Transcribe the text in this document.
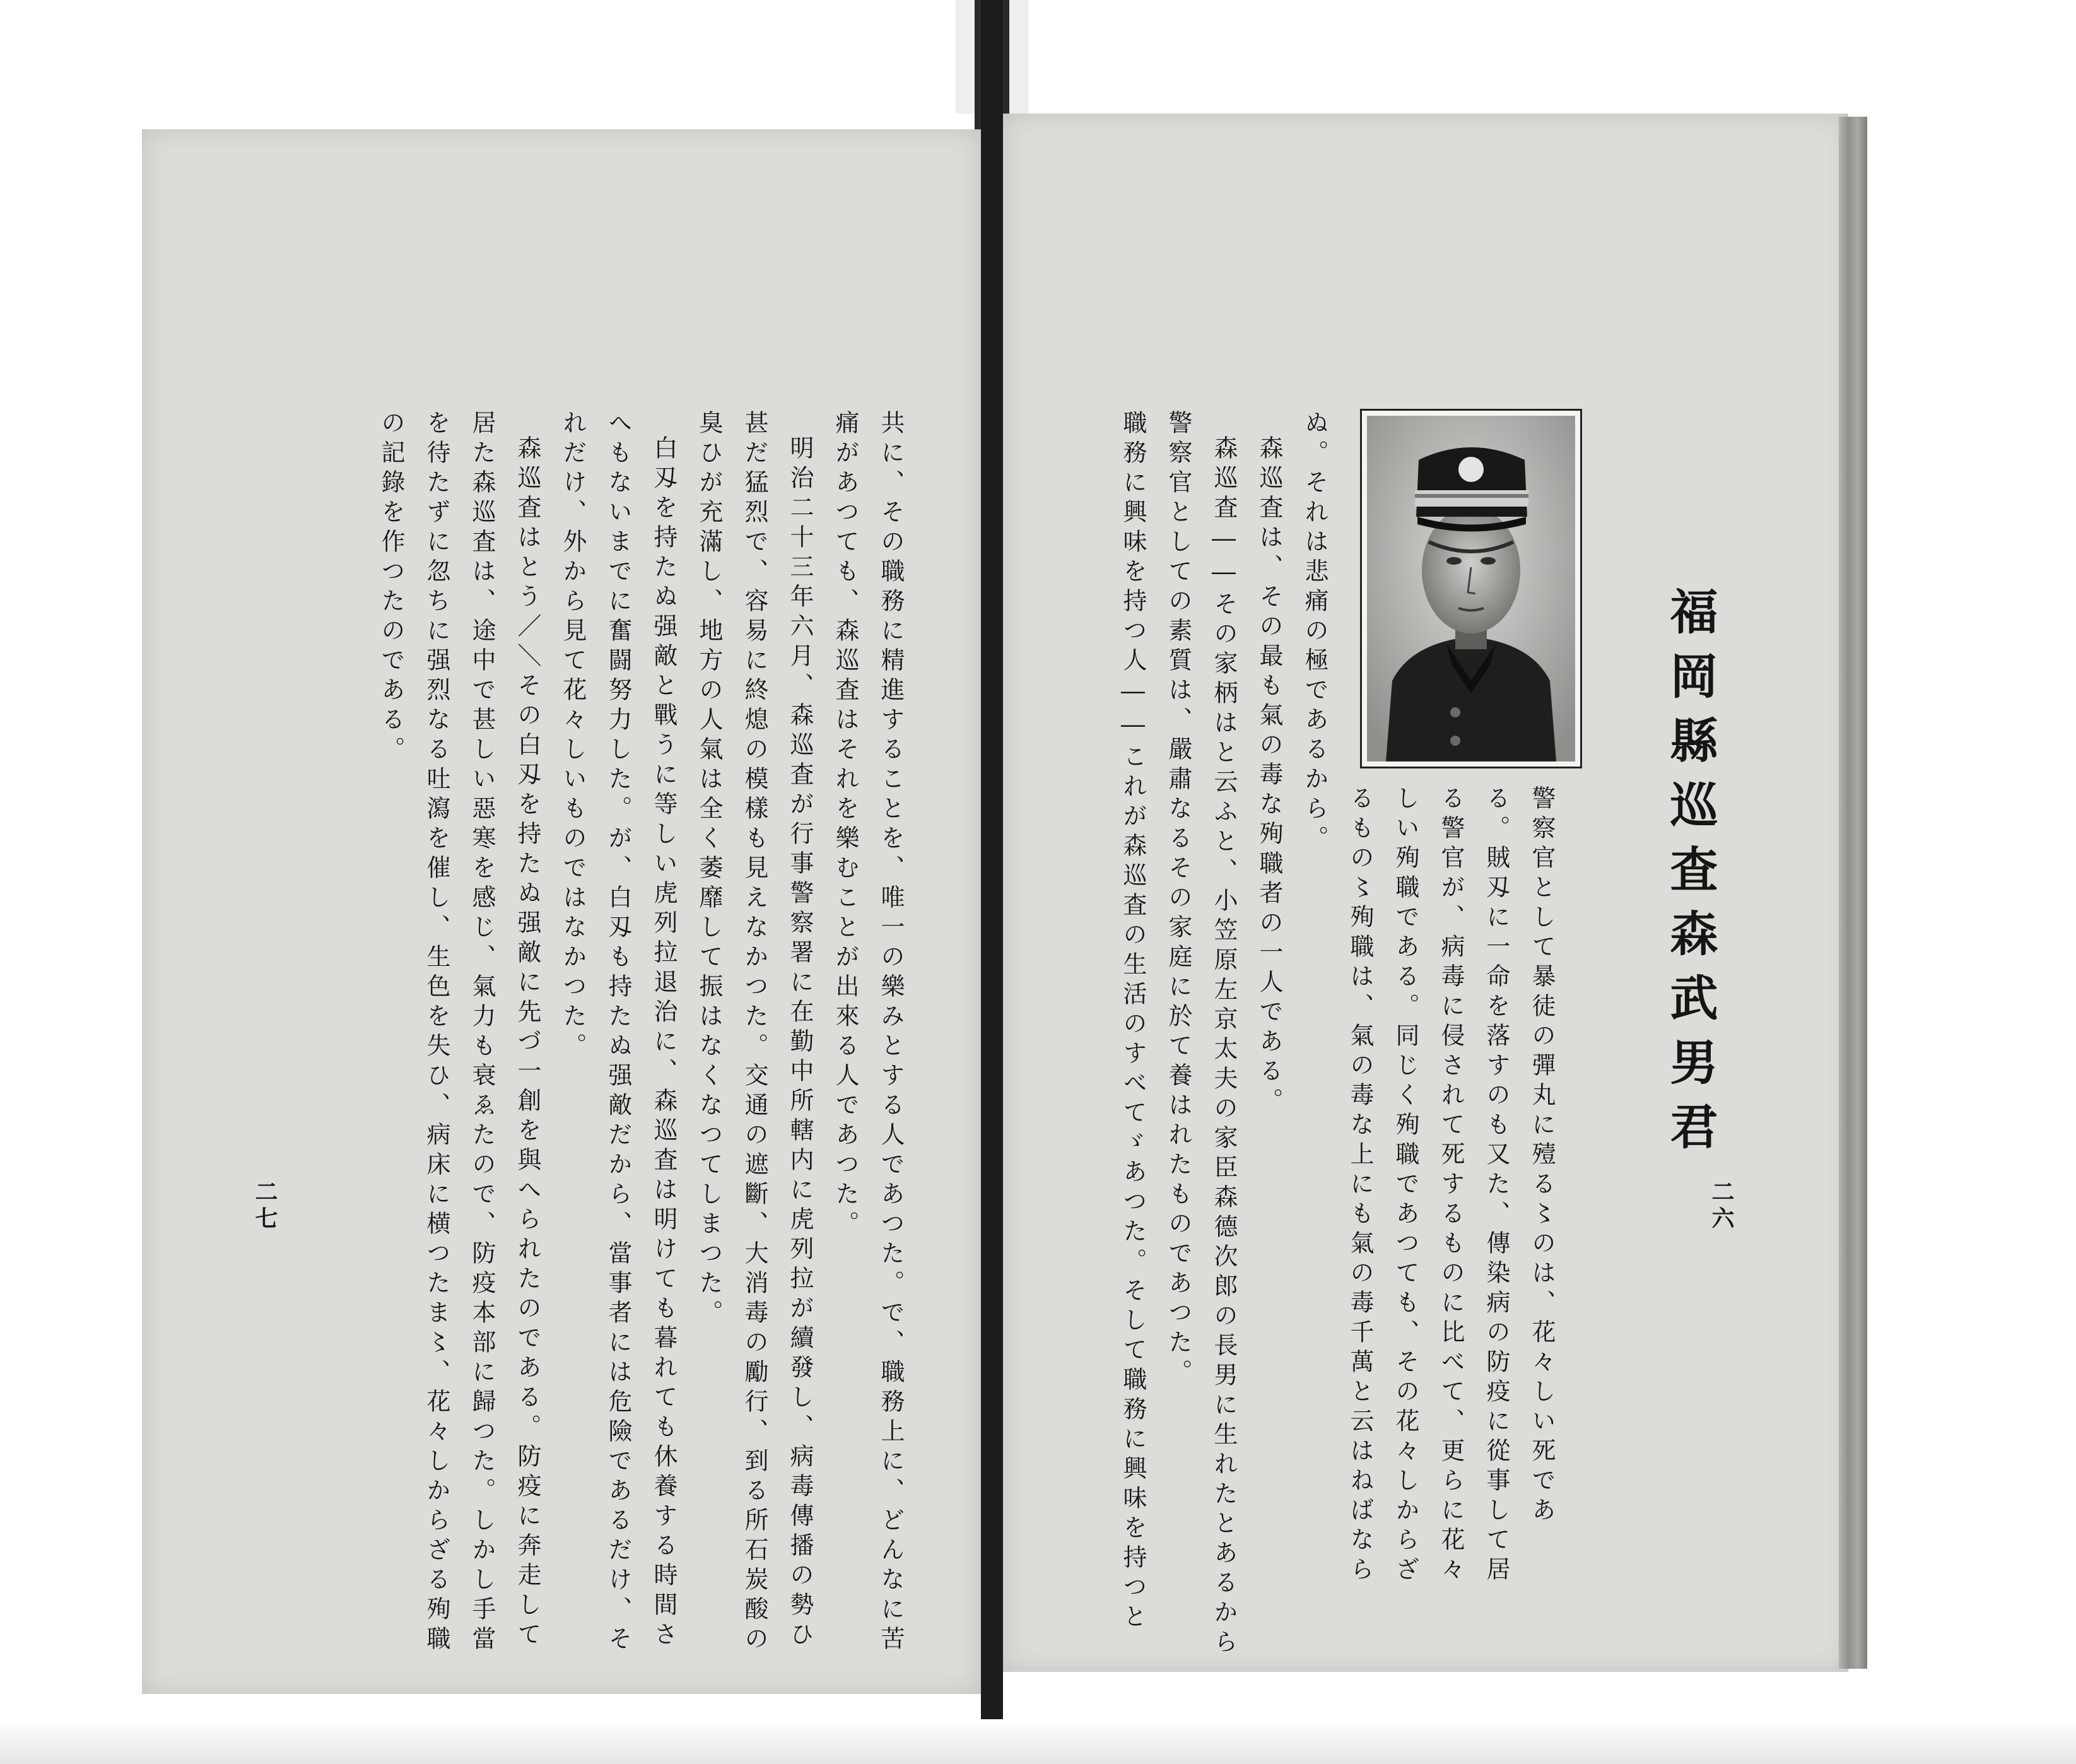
福岡縣巡査森武男君
二六
警察官として暴徒の彈丸に殪る〻のは、花々しい死であ
る。賊刄に一命を落すのも又た、傳染病の防疫に從事して居
る警官が、病毒に侵されて死するものに比べて、更らに花々
しい殉職である。同じく殉職であつても、その花々しからざ
るもの〻殉職は、氣の毒な上にも氣の毒千萬と云はねばなら
ぬ。それは悲痛の極であるから。
森巡査は、その最も氣の毒な殉職者の一人である。
森巡査――その家柄はと云ふと、小笠原左京太夫の家臣森德次郎の長男に生れたとあるから
警察官としての素質は、嚴肅なるその家庭に於て養はれたものであつた。
職務に興味を持つ人――これが森巡査の生活のすべてゞあつた。そして職務に興味を持つと
二七	共に、その職務に精進することを、唯一の樂みとする人であつた。で、職務上に、どんなに苦
痛があつても、森巡査はそれを樂むことが出來る人であつた。
明治二十三年六月、森巡査が行事警察署に在勤中所轄内に虎列拉が續發し、病毒傳播の勢ひ
甚だ猛烈で、容易に終熄の模樣も見えなかつた。交通の遮斷、大消毒の勵行、到る所石炭酸の
臭ひが充滿し、地方の人氣は全く萎靡して振はなくなつてしまつた。
白刄を持たぬ强敵と戰うに等しい虎列拉退治に、森巡査は明けても暮れても休養する時間さ
へもないまでに奮闘努力した。が、白刄も持たぬ强敵だから、當事者には危險であるだけ、そ
れだけ、外から見て花々しいものではなかつた。
森巡査はとう／＼その白刄を持たぬ强敵に先づ一創を與へられたのである。防疫に奔走して
居た森巡査は、途中で甚しい惡寒を感じ、氣力も衰ゑたので、防疫本部に歸つた。しかし手當
を待たずに忽ちに强烈なる吐瀉を催し、生色を失ひ、病床に横つたま〻、花々しからざる殉職
の記錄を作つたのである。
